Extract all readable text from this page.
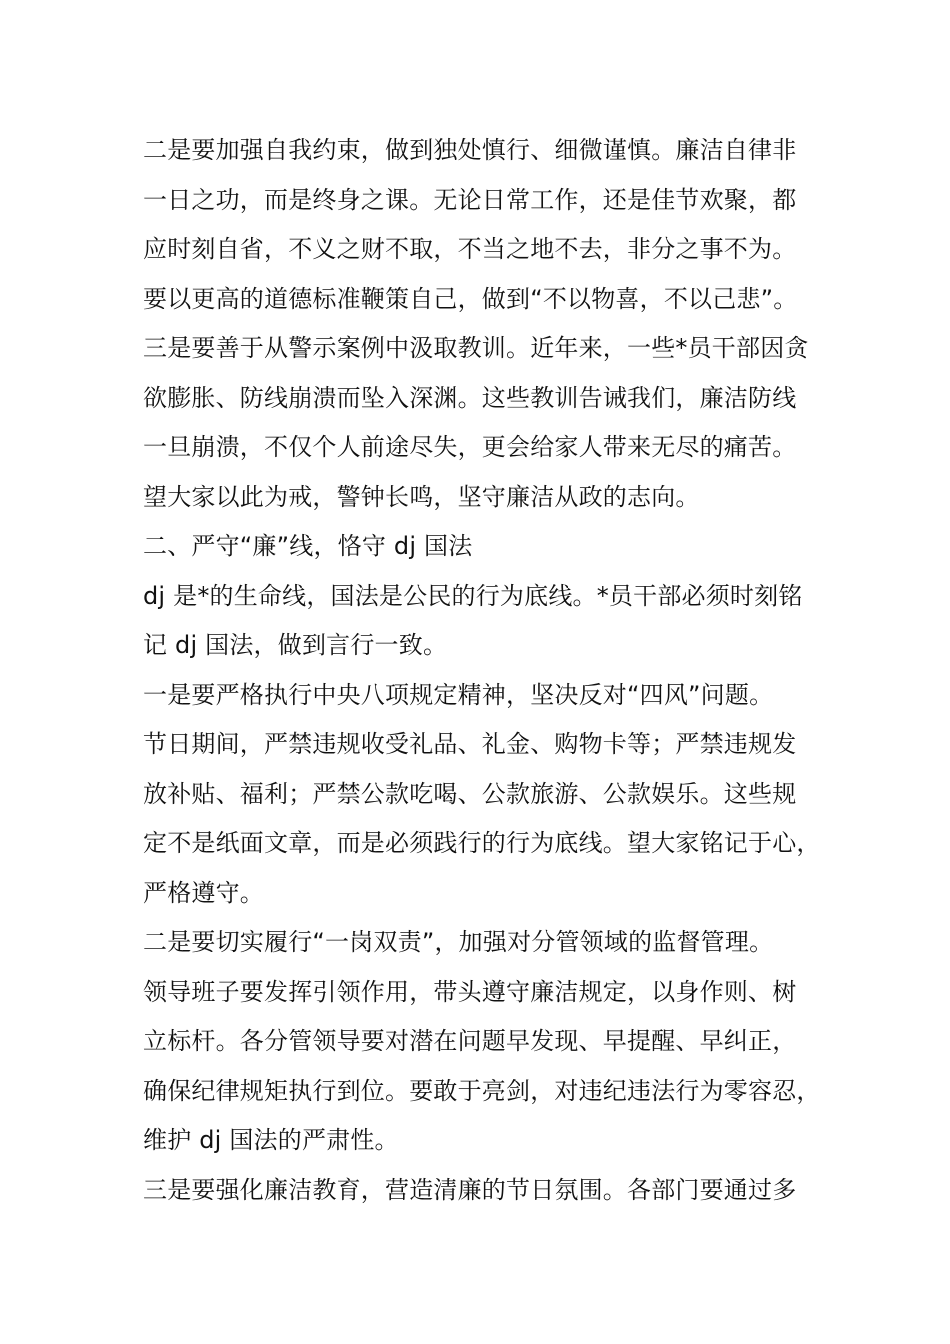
二是要加强自我约束，做到独处慎行、细微谨慎。廉洁自律非
一日之功，而是终身之课。无论日常工作，还是佳节欢聚，都
应时刻自省，不义之财不取，不当之地不去，非分之事不为。
要以更高的道德标准鞭策自己，做到“不以物喜，不以己悲”。
三是要善于从警示案例中汲取教训。近年来，一些*员干部因贪
欲膨胀、防线崩溃而坠入深渊。这些教训告诫我们，廉洁防线
一旦崩溃，不仅个人前途尽失，更会给家人带来无尽的痛苦。
望大家以此为戒，警钟长鸣，坚守廉洁从政的志向。
二、严守“廉”线，恪守 dj 国法
dj 是*的生命线，国法是公民的行为底线。*员干部必须时刻铭
记 dj 国法，做到言行一致。
一是要严格执行中央八项规定精神，坚决反对“四风”问题。
节日期间，严禁违规收受礼品、礼金、购物卡等；严禁违规发
放补贴、福利；严禁公款吃喝、公款旅游、公款娱乐。这些规
定不是纸面文章，而是必须践行的行为底线。望大家铭记于心，
严格遵守。
二是要切实履行“一岗双责”，加强对分管领域的监督管理。
领导班子要发挥引领作用，带头遵守廉洁规定，以身作则、树
立标杆。各分管领导要对潜在问题早发现、早提醒、早纠正，
确保纪律规矩执行到位。要敢于亮剑，对违纪违法行为零容忍，
维护 dj 国法的严肃性。
三是要强化廉洁教育，营造清廉的节日氛围。各部门要通过多
